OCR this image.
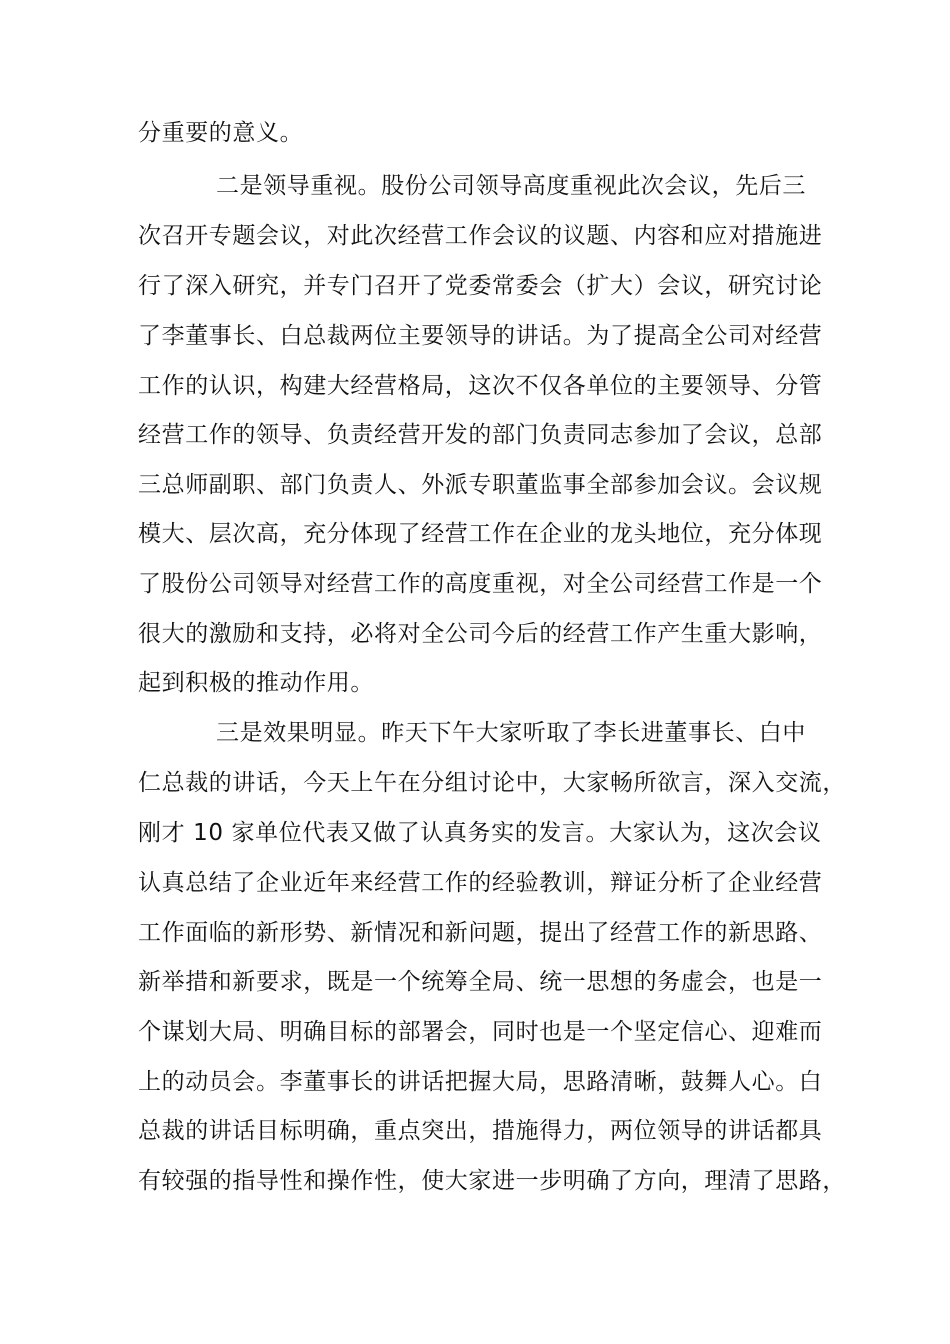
分重要的意义。
二是领导重视。股份公司领导高度重视此次会议，先后三
次召开专题会议，对此次经营工作会议的议题、内容和应对措施进
行了深入研究，并专门召开了党委常委会（扩大）会议，研究讨论
了李董事长、白总裁两位主要领导的讲话。为了提高全公司对经营
工作的认识，构建大经营格局，这次不仅各单位的主要领导、分管
经营工作的领导、负责经营开发的部门负责同志参加了会议，总部
三总师副职、部门负责人、外派专职董监事全部参加会议。会议规
模大、层次高，充分体现了经营工作在企业的龙头地位，充分体现
了股份公司领导对经营工作的高度重视，对全公司经营工作是一个
很大的激励和支持，必将对全公司今后的经营工作产生重大影响，
起到积极的推动作用。
三是效果明显。昨天下午大家听取了李长进董事长、白中
仁总裁的讲话，今天上午在分组讨论中，大家畅所欲言，深入交流，
刚才 10 家单位代表又做了认真务实的发言。大家认为，这次会议
认真总结了企业近年来经营工作的经验教训，辩证分析了企业经营
工作面临的新形势、新情况和新问题，提出了经营工作的新思路、
新举措和新要求，既是一个统筹全局、统一思想的务虚会，也是一
个谋划大局、明确目标的部署会，同时也是一个坚定信心、迎难而
上的动员会。李董事长的讲话把握大局，思路清晰，鼓舞人心。白
总裁的讲话目标明确，重点突出，措施得力，两位领导的讲话都具
有较强的指导性和操作性，使大家进一步明确了方向，理清了思路，
